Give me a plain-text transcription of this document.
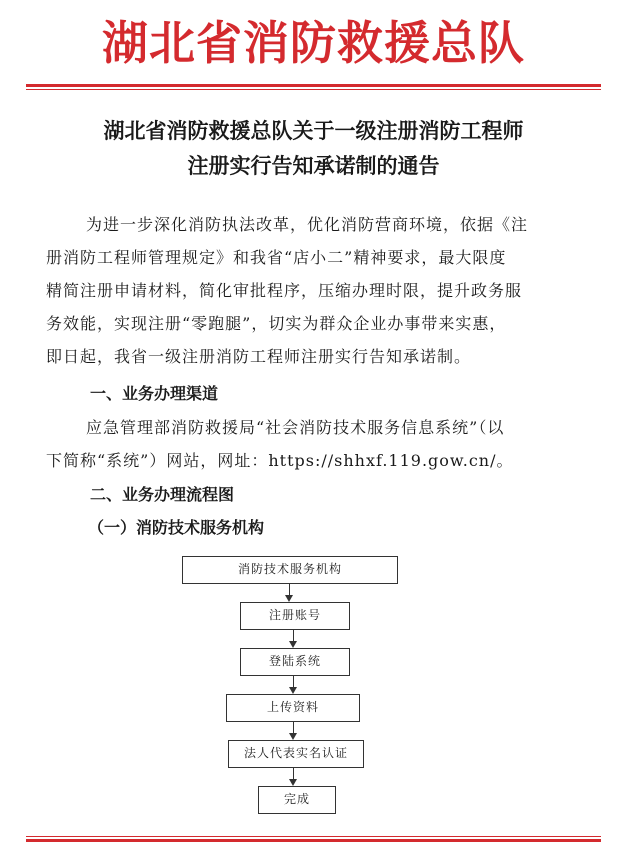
湖北省消防救援总队
湖北省消防救援总队关于一级注册消防工程师
注册实行告知承诺制的通告
为进一步深化消防执法改革，优化消防营商环境，依据《注
册消防工程师管理规定》和我省“店小二”精神要求，最大限度
精简注册申请材料，简化审批程序，压缩办理时限，提升政务服
务效能，实现注册“零跑腿”，切实为群众企业办事带来实惠，
即日起，我省一级注册消防工程师注册实行告知承诺制。
一、业务办理渠道
应急管理部消防救援局“社会消防技术服务信息系统”（以
下简称“系统”）网站，网址：https://shhxf.119.gow.cn/。
二、业务办理流程图
（一）消防技术服务机构
消防技术服务机构
注册账号
登陆系统
上传资料
法人代表实名认证
完成
